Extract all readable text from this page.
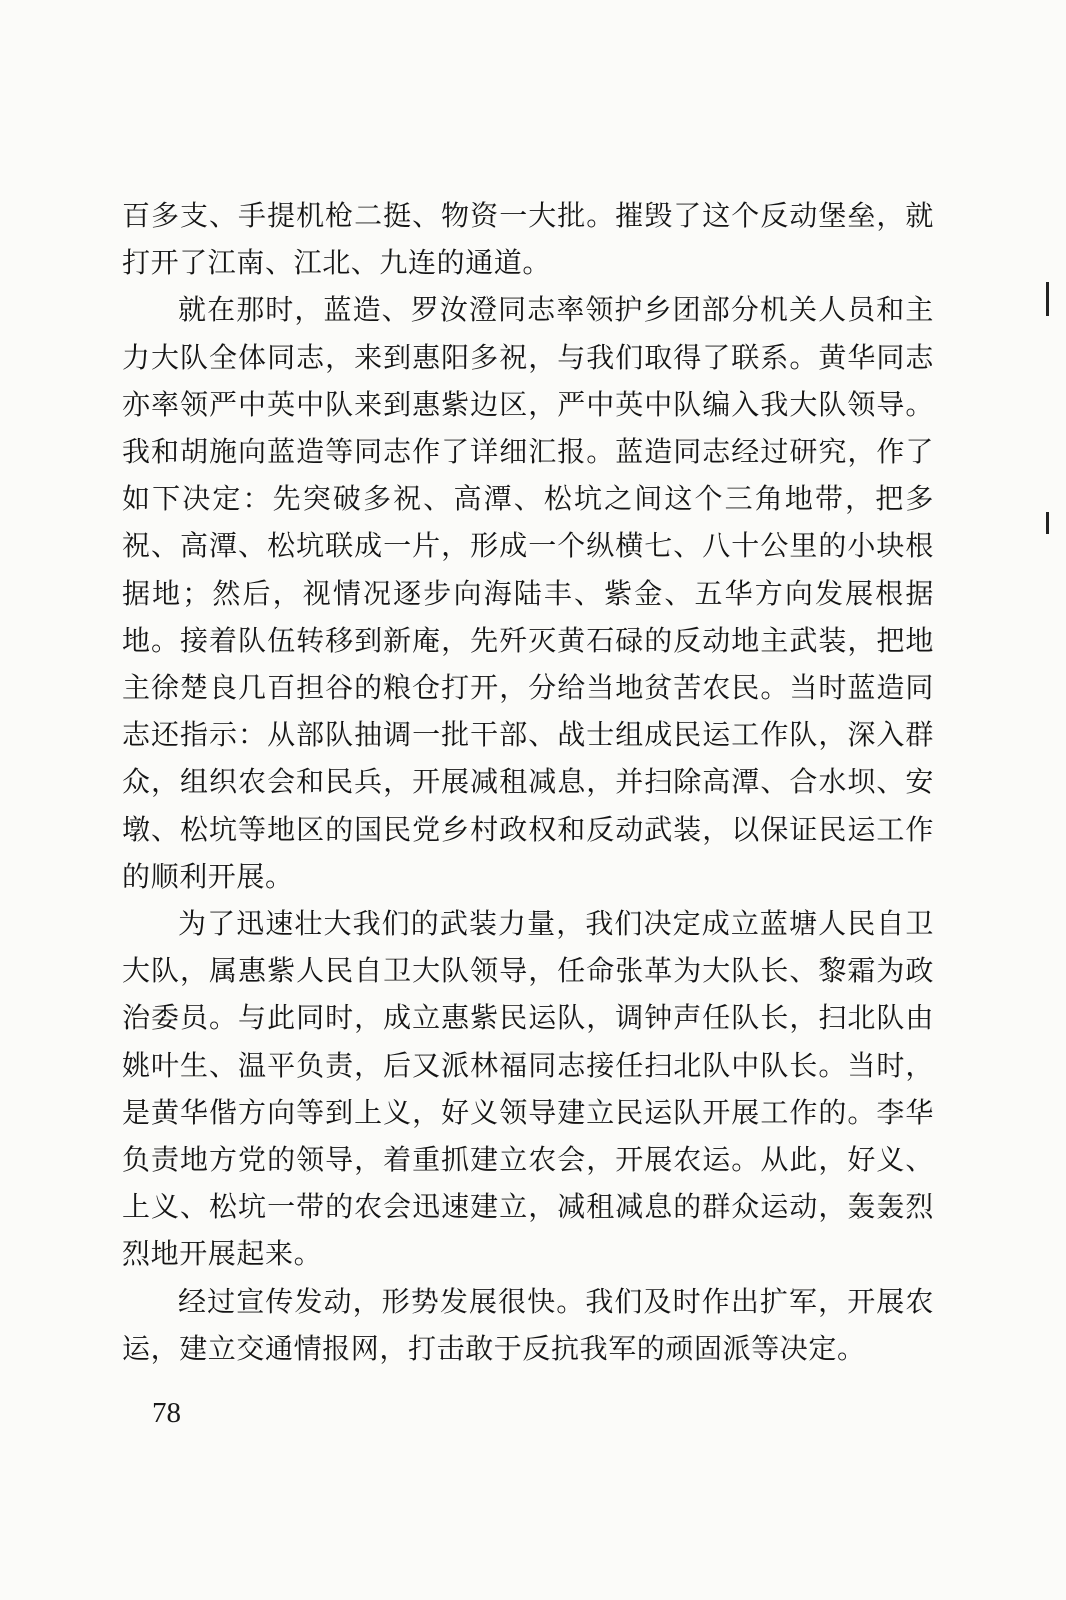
百多支、手提机枪二挺、物资一大批。摧毁了这个反动堡垒，就打开了江南、江北、九连的通道。

就在那时，蓝造、罗汝澄同志率领护乡团部分机关人员和主力大队全体同志，来到惠阳多祝，与我们取得了联系。黄华同志亦率领严中英中队来到惠紫边区，严中英中队编入我大队领导。我和胡施向蓝造等同志作了详细汇报。蓝造同志经过研究，作了如下决定：先突破多祝、高潭、松坑之间这个三角地带，把多祝、高潭、松坑联成一片，形成一个纵横七、八十公里的小块根据地；然后，视情况逐步向海陆丰、紫金、五华方向发展根据地。接着队伍转移到新庵，先歼灭黄石碌的反动地主武装，把地主徐楚良几百担谷的粮仓打开，分给当地贫苦农民。当时蓝造同志还指示：从部队抽调一批干部、战士组成民运工作队，深入群众，组织农会和民兵，开展减租减息，并扫除高潭、合水坝、安墩、松坑等地区的国民党乡村政权和反动武装，以保证民运工作的顺利开展。

为了迅速壮大我们的武装力量，我们决定成立蓝塘人民自卫大队，属惠紫人民自卫大队领导，任命张革为大队长、黎霜为政治委员。与此同时，成立惠紫民运队，调钟声任队长，扫北队由姚叶生、温平负责，后又派林福同志接任扫北队中队长。当时，是黄华偕方向等到上义，好义领导建立民运队开展工作的。李华负责地方党的领导，着重抓建立农会，开展农运。从此，好义、上义、松坑一带的农会迅速建立，减租减息的群众运动，轰轰烈烈地开展起来。

经过宣传发动，形势发展很快。我们及时作出扩军，开展农运，建立交通情报网，打击敢于反抗我军的顽固派等决定。

78
